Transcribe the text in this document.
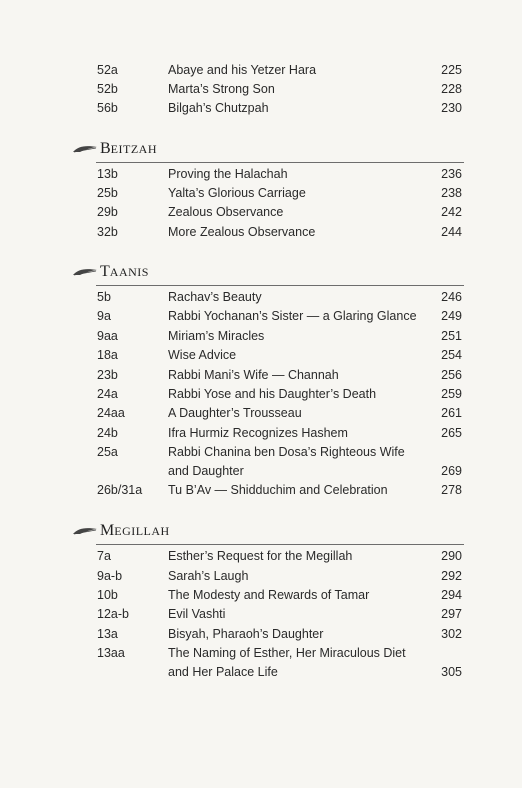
52a	Abaye and his Yetzer Hara	225
52b	Marta’s Strong Son	228
56b	Bilgah’s Chutzpah	230
BEITZAH
13b	Proving the Halachah	236
25b	Yalta’s Glorious Carriage	238
29b	Zealous Observance	242
32b	More Zealous Observance	244
TAANIS
5b	Rachav’s Beauty	246
9a	Rabbi Yochanan’s Sister — a Glaring Glance	249
9aa	Miriam’s Miracles	251
18a	Wise Advice	254
23b	Rabbi Mani’s Wife — Channah	256
24a	Rabbi Yose and his Daughter’s Death	259
24aa	A Daughter’s Trousseau	261
24b	Ifra Hurmiz Recognizes Hashem	265
25a	Rabbi Chanina ben Dosa’s Righteous Wife
and Daughter	269
26b/31a Tu B’Av — Shidduchim and Celebration	278
MEGILLAH
7a	Esther’s Request for the Megillah	290
9a-b	Sarah’s Laugh	292
10b	The Modesty and Rewards of Tamar	294
12a-b	Evil Vashti	297
13a	Bisyah, Pharaoh’s Daughter	302
13aa	The Naming of Esther, Her Miraculous Diet
and Her Palace Life	305
